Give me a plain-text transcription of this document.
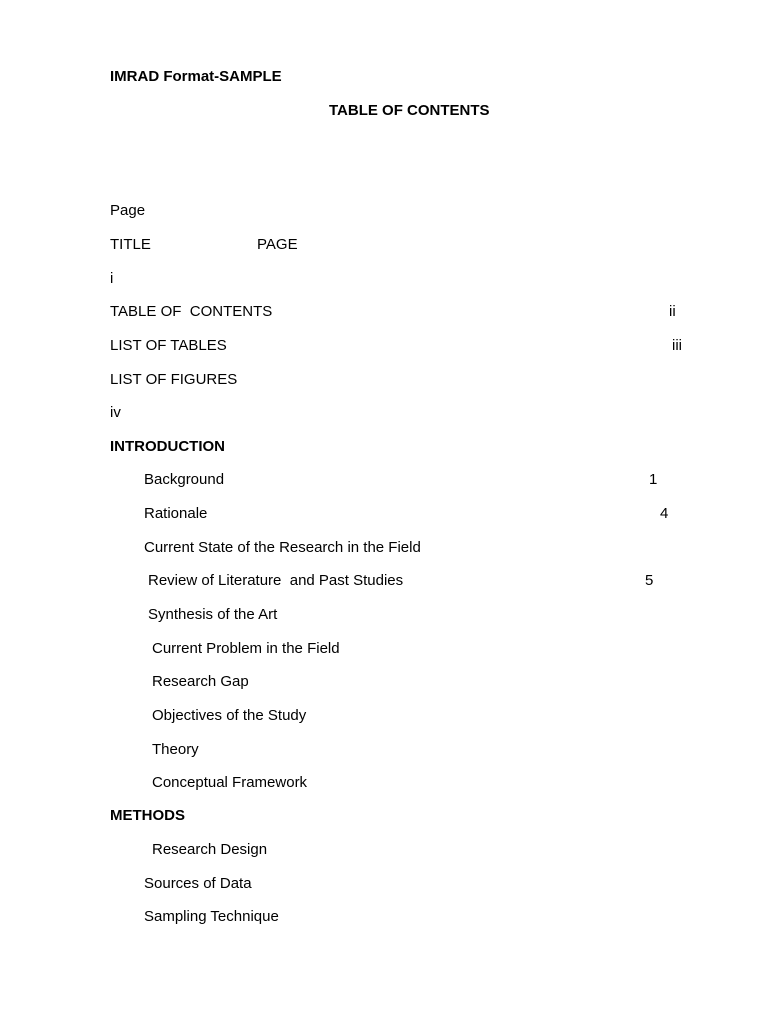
IMRAD Format-SAMPLE
TABLE OF CONTENTS
Page
TITLE	PAGE
i
TABLE OF  CONTENTS	ii
LIST OF TABLES	iii
LIST OF FIGURES
iv
INTRODUCTION
Background	1
Rationale	4
Current State of the Research in the Field
Review of Literature  and Past Studies	5
Synthesis of the Art
Current Problem in the Field
Research Gap
Objectives of the Study
Theory
Conceptual Framework
METHODS
Research Design
Sources of Data
Sampling Technique
